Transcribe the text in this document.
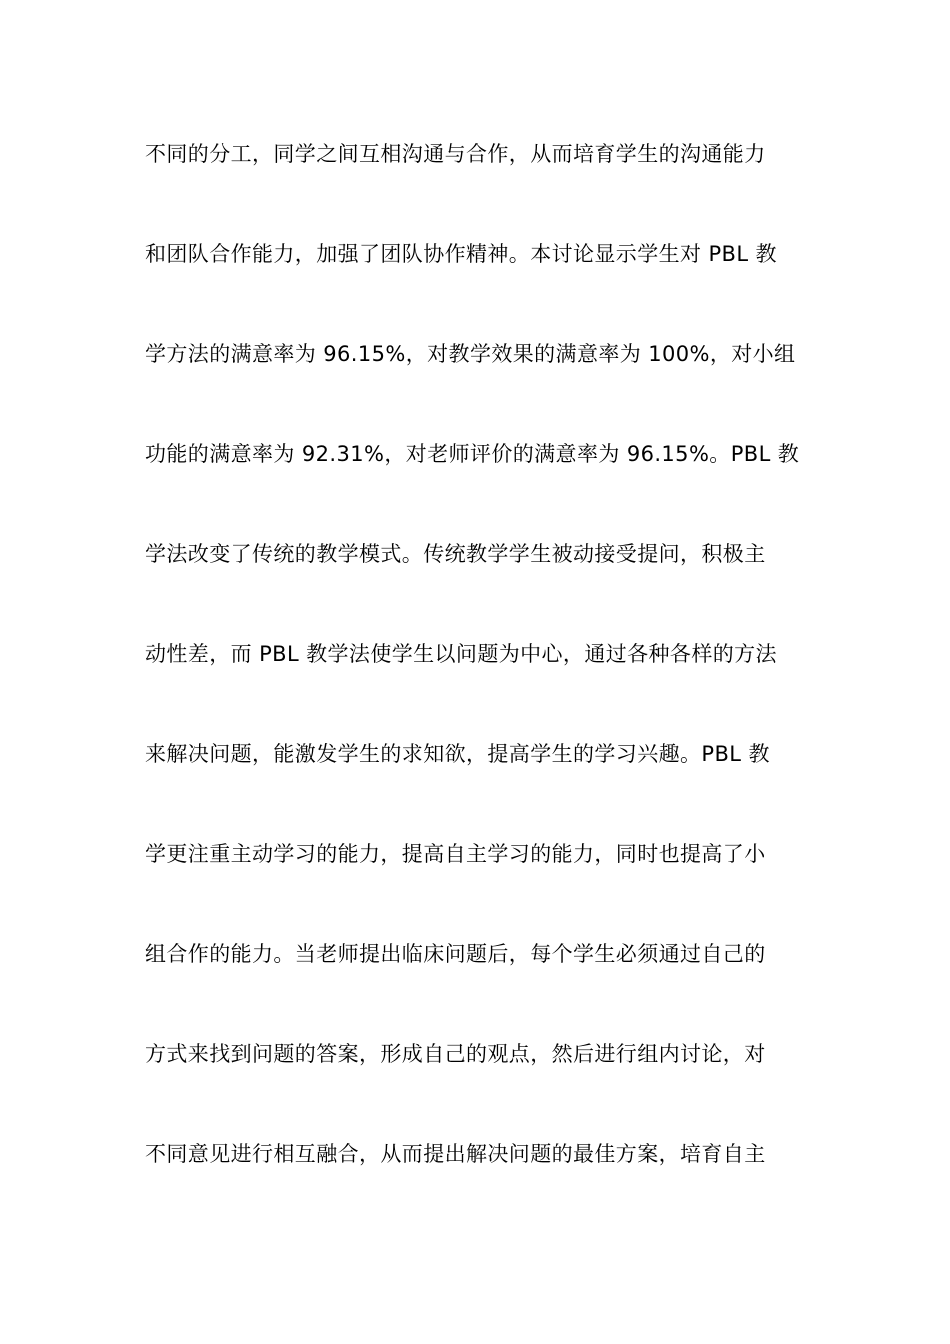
不同的分工，同学之间互相沟通与合作，从而培育学生的沟通能力
和团队合作能力，加强了团队协作精神。本讨论显示学生对 PBL 教
学方法的满意率为 96.15%，对教学效果的满意率为 100%，对小组
功能的满意率为 92.31%，对老师评价的满意率为 96.15%。PBL 教
学法改变了传统的教学模式。传统教学学生被动接受提问，积极主
动性差，而 PBL 教学法使学生以问题为中心，通过各种各样的方法
来解决问题，能激发学生的求知欲，提高学生的学习兴趣。PBL 教
学更注重主动学习的能力，提高自主学习的能力，同时也提高了小
组合作的能力。当老师提出临床问题后，每个学生必须通过自己的
方式来找到问题的答案，形成自己的观点，然后进行组内讨论，对
不同意见进行相互融合，从而提出解决问题的最佳方案，培育自主
